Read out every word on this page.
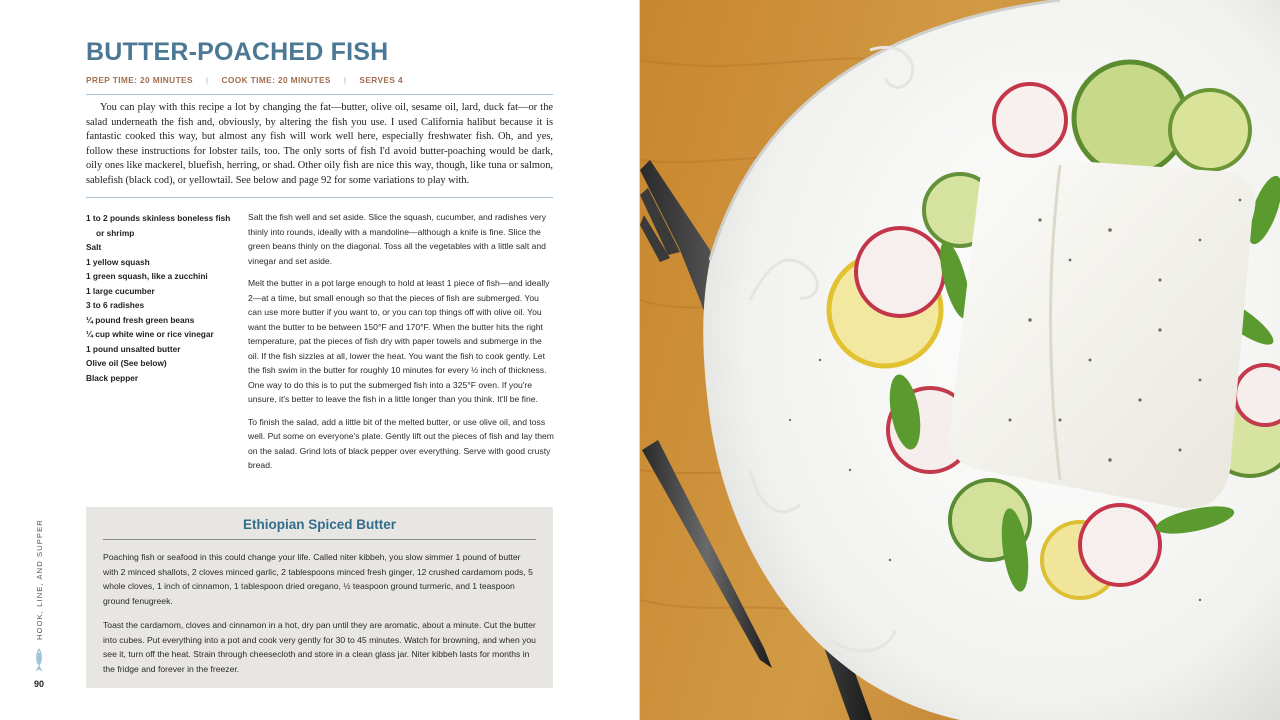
BUTTER-POACHED FISH
PREP TIME: 20 MINUTES | COOK TIME: 20 MINUTES | SERVES 4

You can play with this recipe a lot by changing the fat—butter, olive oil, sesame oil, lard, duck fat—or the salad underneath the fish and, obviously, by altering the fish you use. I used California halibut because it is fantastic cooked this way, but almost any fish will work well here, especially freshwater fish. Oh, and yes, follow these instructions for lobster tails, too. The only sorts of fish I'd avoid butter-poaching would be dark, oily ones like mackerel, bluefish, herring, or shad. Other oily fish are nice this way, though, like tuna or salmon, sablefish (black cod), or yellowtail. See below and page 92 for some variations to play with.

1 to 2 pounds skinless boneless fish or shrimp
Salt
1 yellow squash
1 green squash, like a zucchini
1 large cucumber
3 to 6 radishes
¼ pound fresh green beans
¼ cup white wine or rice vinegar
1 pound unsalted butter
Olive oil (See below)
Black pepper

Salt the fish well and set aside. Slice the squash, cucumber, and radishes very thinly into rounds, ideally with a mandoline—although a knife is fine. Slice the green beans thinly on the diagonal. Toss all the vegetables with a little salt and vinegar and set aside.

Melt the butter in a pot large enough to hold at least 1 piece of fish—and ideally 2—at a time, but small enough so that the pieces of fish are submerged. You can use more butter if you want to, or you can top things off with olive oil. You want the butter to be between 150°F and 170°F. When the butter hits the right temperature, pat the pieces of fish dry with paper towels and submerge in the oil. If the fish sizzles at all, lower the heat. You want the fish to cook gently. Let the fish swim in the butter for roughly 10 minutes for every ½ inch of thickness. One way to do this is to put the submerged fish into a 325°F oven. If you're unsure, it's better to leave the fish in a little longer than you think. It'll be fine.

To finish the salad, add a little bit of the melted butter, or use olive oil, and toss well. Put some on everyone's plate. Gently lift out the pieces of fish and lay them on the salad. Grind lots of black pepper over everything. Serve with good crusty bread.

Ethiopian Spiced Butter

Poaching fish or seafood in this could change your life. Called niter kibbeh, you slow simmer 1 pound of butter with 2 minced shallots, 2 cloves minced garlic, 2 tablespoons minced fresh ginger, 12 crushed cardamom pods, 5 whole cloves, 1 inch of cinnamon, 1 tablespoon dried oregano, ½ teaspoon ground turmeric, and 1 teaspoon ground fenugreek.

Toast the cardamom, cloves and cinnamon in a hot, dry pan until they are aromatic, about a minute. Cut the butter into cubes. Put everything into a pot and cook very gently for 30 to 45 minutes. Watch for browning, and when you see it, turn off the heat. Strain through cheesecloth and store in a clean glass jar. Niter kibbeh lasts for months in the fridge and forever in the freezer.

HOOK, LINE, AND SUPPER
90
